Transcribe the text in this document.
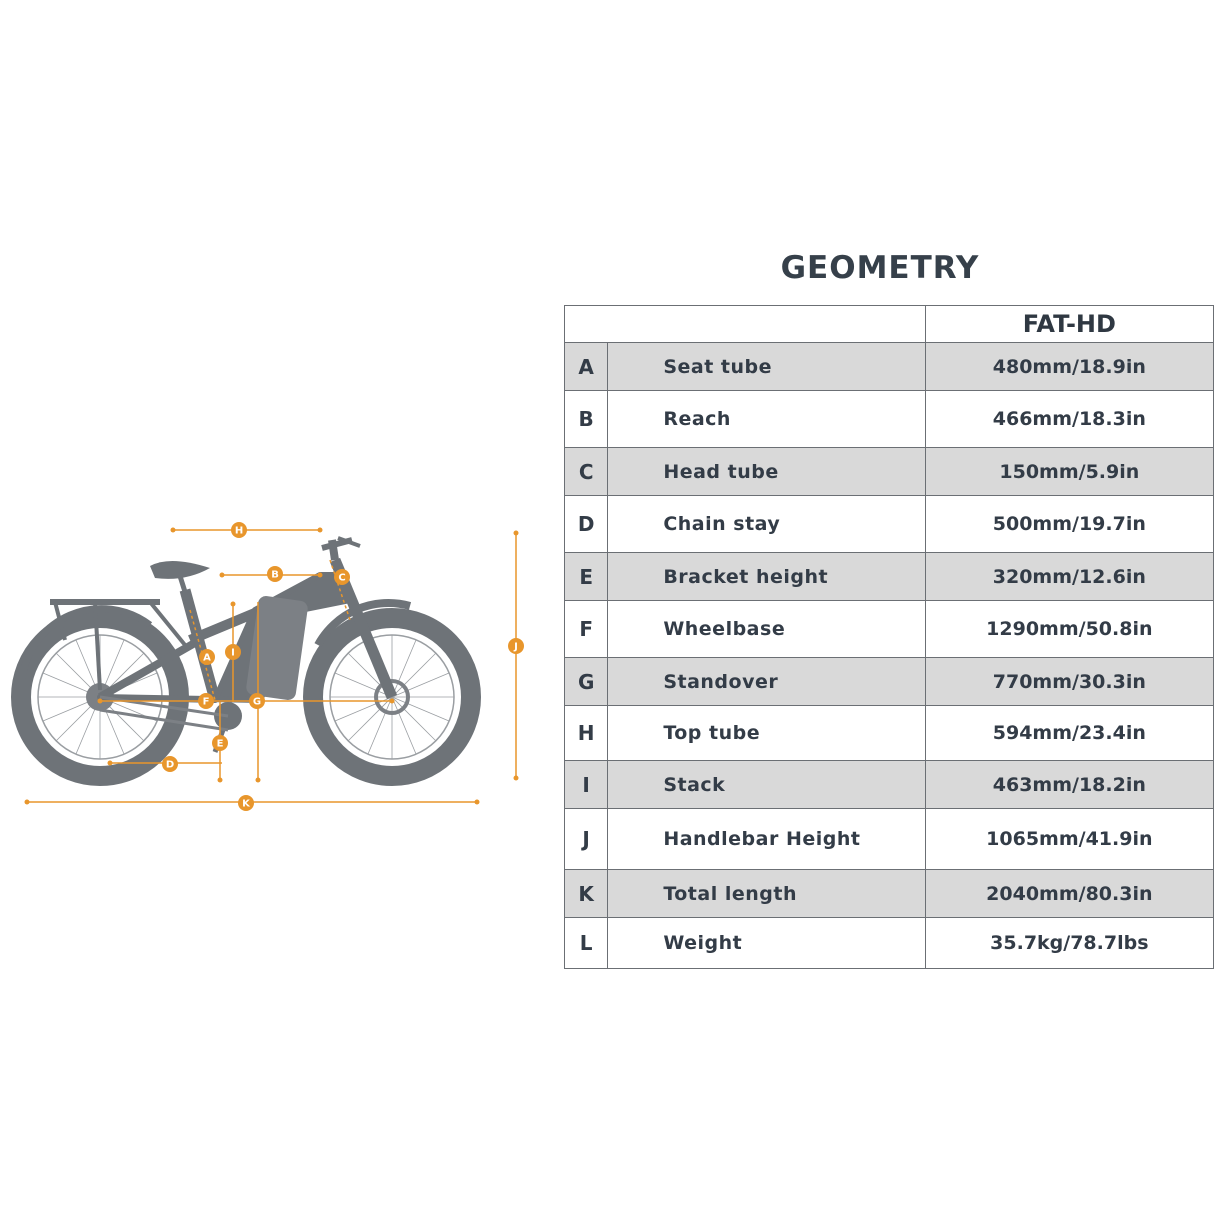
A
B	C
D
E
F	G
H
I
J
K
GEOMETRY
		FAT-HD
A	Seat tube	480mm/18.9in
B	Reach	466mm/18.3in
C	Head tube	150mm/5.9in
D	Chain stay	500mm/19.7in
E	Bracket height	320mm/12.6in
F	Wheelbase	1290mm/50.8in
G	Standover	770mm/30.3in
H	Top tube	594mm/23.4in
I	Stack	463mm/18.2in
J	Handlebar Height	1065mm/41.9in
K	Total length	2040mm/80.3in
L	Weight	35.7kg/78.7lbs
